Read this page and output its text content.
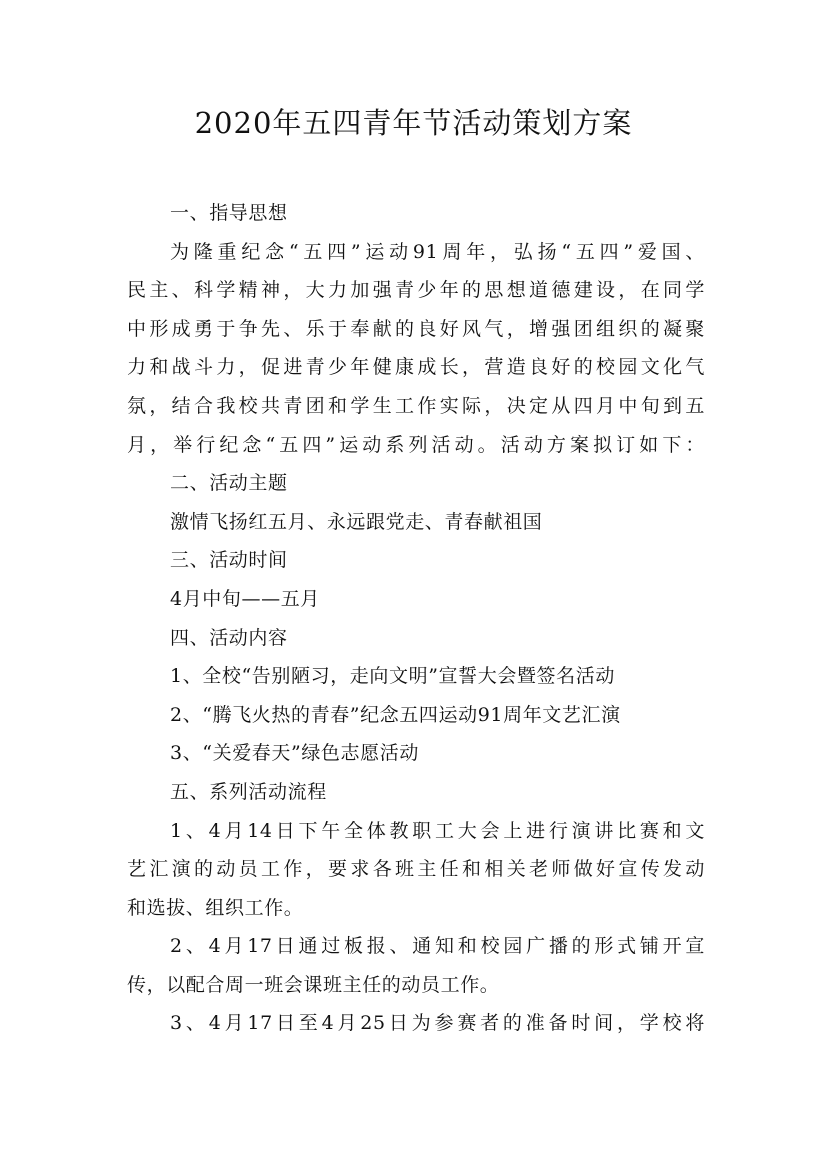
2020年五四青年节活动策划方案

一、指导思想

为隆重纪念“五四”运动91周年，弘扬“五四”爱国、

民主、科学精神，大力加强青少年的思想道德建设，在同学

中形成勇于争先、乐于奉献的良好风气，增强团组织的凝聚

力和战斗力，促进青少年健康成长，营造良好的校园文化气

氛，结合我校共青团和学生工作实际，决定从四月中旬到五

月，举行纪念“五四”运动系列活动。活动方案拟订如下：

二、活动主题

激情飞扬红五月、永远跟党走、青春献祖国

三、活动时间

4月中旬——五月

四、活动内容

1、全校“告别陋习，走向文明”宣誓大会暨签名活动

2、“腾飞火热的青春”纪念五四运动91周年文艺汇演

3、“关爱春天”绿色志愿活动

五、系列活动流程

1、4月14日下午全体教职工大会上进行演讲比赛和文

艺汇演的动员工作，要求各班主任和相关老师做好宣传发动

和选拔、组织工作。

2、4月17日通过板报、通知和校园广播的形式铺开宣

传，以配合周一班会课班主任的动员工作。

3、4月17日至4月25日为参赛者的准备时间，学校将
